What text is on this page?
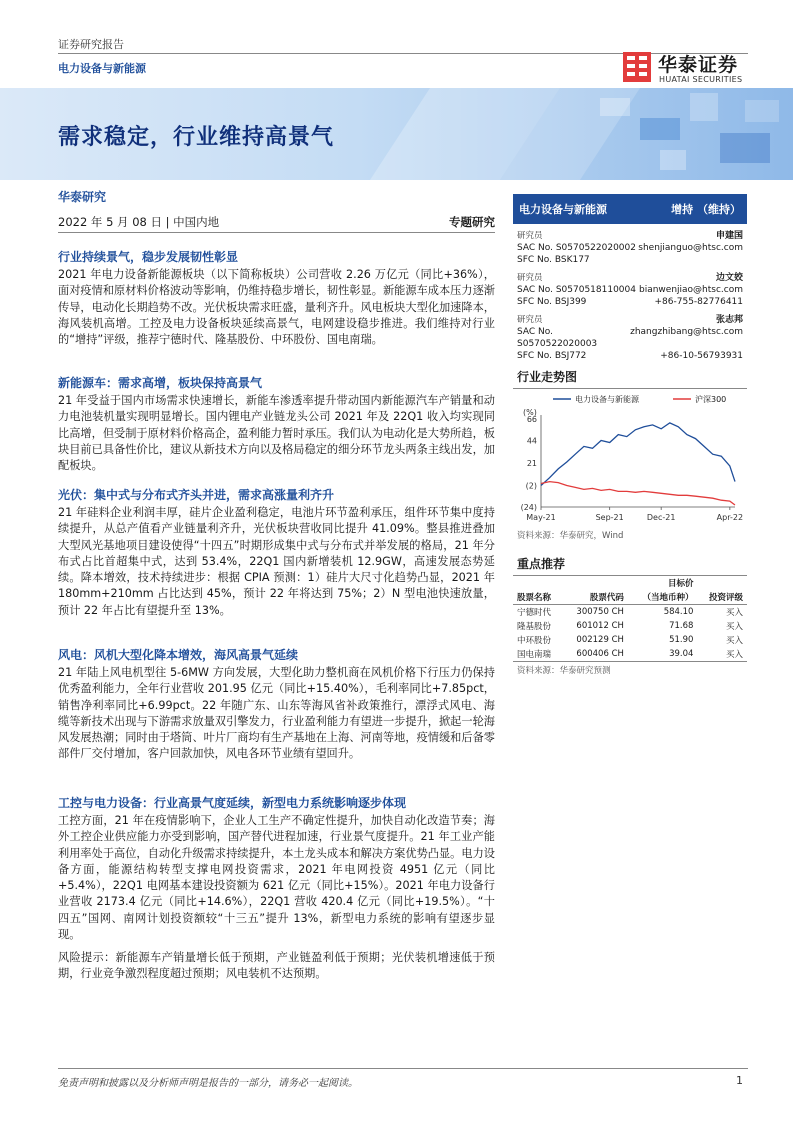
证券研究报告
电力设备与新能源	华泰证券
HUATAI SECURITIES
需求稳定，行业维持高景气
华泰研究
2022 年 5 月 08 日 | 中国内地	专题研究
行业持续景气，稳步发展韧性彰显

2021 年电力设备新能源板块（以下简称板块）公司营收 2.26 万亿元（同比+36%），面对疫情和原材料价格波动等影响，仍维持稳步增长，韧性彰显。新能源车成本压力逐渐传导，电动化长期趋势不改。光伏板块需求旺盛，量利齐升。风电板块大型化加速降本，海风装机高增。工控及电力设备板块延续高景气，电网建设稳步推进。我们维持对行业的“增持”评级，推荐宁德时代、隆基股份、中环股份、国电南瑞。

新能源车：需求高增，板块保持高景气

21 年受益于国内市场需求快速增长，新能车渗透率提升带动国内新能源汽车产销量和动力电池装机量实现明显增长。国内锂电产业链龙头公司 2021 年及 22Q1 收入均实现同比高增，但受制于原材料价格高企，盈利能力暂时承压。我们认为电动化是大势所趋，板块目前已具备性价比，建议从新技术方向以及格局稳定的细分环节龙头两条主线出发，加配板块。

光伏：集中式与分布式齐头并进，需求高涨量利齐升

21 年硅料企业利润丰厚，硅片企业盈利稳定，电池片环节盈利承压，组件环节集中度持续提升，从总产值看产业链量利齐升，光伏板块营收同比提升 41.09%。整县推进叠加大型风光基地项目建设使得“十四五”时期形成集中式与分布式并举发展的格局，21 年分布式占比首超集中式，达到 53.4%，22Q1 国内新增装机 12.9GW，高速发展态势延续。降本增效，技术持续进步：根据 CPIA 预测：1）硅片大尺寸化趋势凸显，2021 年 180mm+210mm 占比达到 45%，预计 22 年将达到 75%；2）N 型电池快速放量，预计 22 年占比有望提升至 13%。

风电：风机大型化降本增效，海风高景气延续

21 年陆上风电机型往 5-6MW 方向发展，大型化助力整机商在风机价格下行压力仍保持优秀盈利能力，全年行业营收 201.95 亿元（同比+15.40%），毛利率同比+7.85pct，销售净利率同比+6.99pct。22 年随广东、山东等海风省补政策推行，漂浮式风电、海缆等新技术出现与下游需求放量双引擎发力，行业盈利能力有望进一步提升，掀起一轮海风发展热潮；同时由于塔筒、叶片厂商均有生产基地在上海、河南等地，疫情缓和后备零部件厂交付增加，客户回款加快，风电各环节业绩有望回升。

工控与电力设备：行业高景气度延续，新型电力系统影响逐步体现

工控方面，21 年在疫情影响下，企业人工生产不确定性提升，加快自动化改造节奏；海外工控企业供应能力亦受到影响，国产替代进程加速，行业景气度提升。21 年工业产能利用率处于高位，自动化升级需求持续提升，本土龙头成本和解决方案优势凸显。电力设备方面，能源结构转型支撑电网投资需求，2021 年电网投资 4951 亿元（同比+5.4%），22Q1 电网基本建设投资额为 621 亿元（同比+15%）。2021 年电力设备行业营收 2173.4 亿元（同比+14.6%），22Q1 营收 420.4 亿元（同比+19.5%）。“十四五”国网、南网计划投资额较“十三五”提升 13%，新型电力系统的影响有望逐步显现。

风险提示：新能源车产销量增长低于预期，产业链盈利低于预期；光伏装机增速低于预期，行业竞争激烈程度超过预期；风电装机不达预期。

电力设备与新能源	增持 （维持）
研究员	申建国
SAC No. S0570522020002 shenjianguo@htsc.com
SFC No. BSK177
研究员	边文姣
SAC No. S0570518110004 bianwenjiao@htsc.com
SFC No. BSJ399	+86-755-82776411
研究员	张志邦
SAC No. S0570522020003
zhangzhibang@htsc.com
SFC No. BSJ772	+86-10-56793931
行业走势图
电力设备与新能源	沪深300
(%)
66
44
21
(2)
(24)
May-21	Sep-21	Dec-21	Apr-22
资料来源：华泰研究，Wind
重点推荐
		目标价	
股票名称	股票代码	（当地币种）	投资评级
宁德时代	300750 CH	584.10	买入
隆基股份	601012 CH	71.68	买入
中环股份	002129 CH	51.90	买入
国电南瑞	600406 CH	39.04	买入
资料来源：华泰研究预测
免责声明和披露以及分析师声明是报告的一部分，请务必一起阅读。	1
